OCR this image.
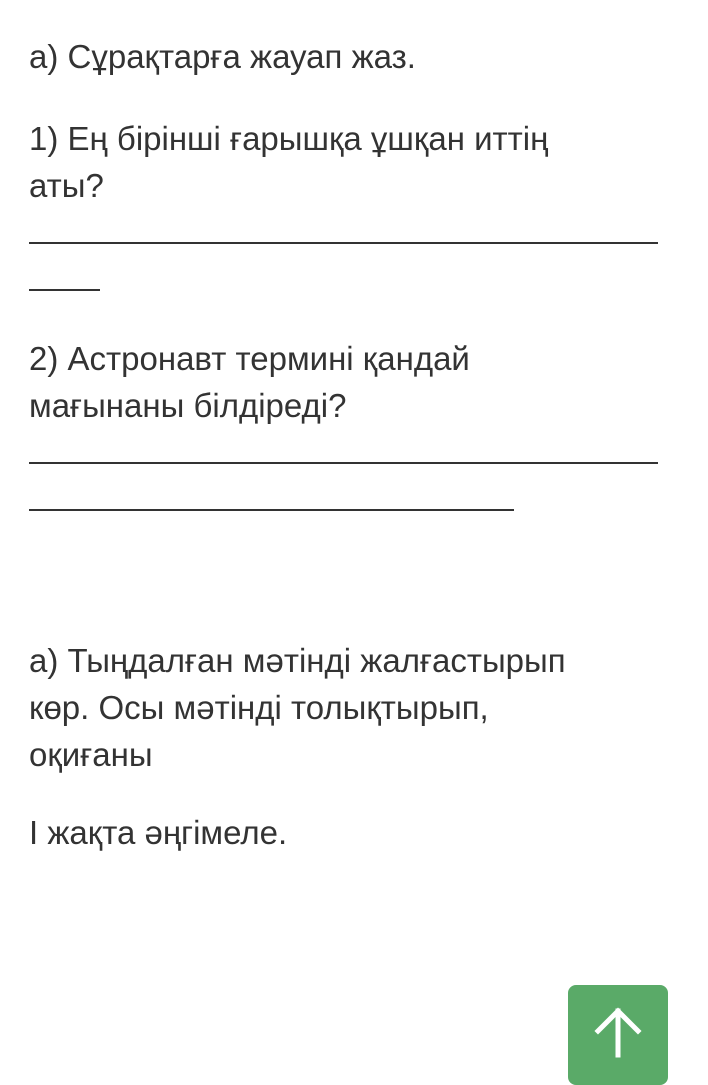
а) Сұрақтарға жауап жаз.

1) Ең бірінші ғарышқа ұшқан иттің

аты?

2) Астронавт термині қандай

мағынаны білдіреді?

а) Тыңдалған мәтінді жалғастырып

көр. Осы мәтінді толықтырып,

оқиғаны

І жақта әңгімеле.
